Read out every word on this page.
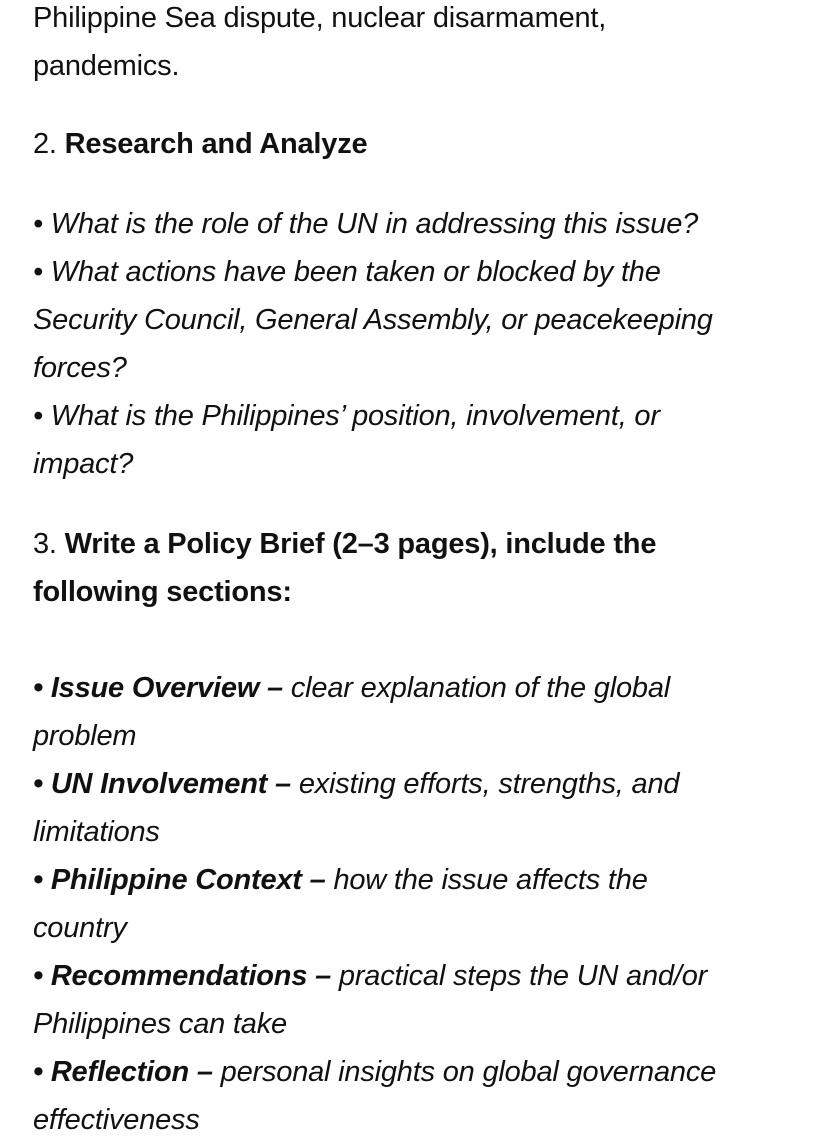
Philippine Sea dispute, nuclear disarmament,
pandemics.
2. Research and Analyze
• What is the role of the UN in addressing this issue?
• What actions have been taken or blocked by the
Security Council, General Assembly, or peacekeeping
forces?
• What is the Philippines’ position, involvement, or
impact?
3. Write a Policy Brief (2–3 pages), include the
following sections:
• Issue Overview – clear explanation of the global
problem
• UN Involvement – existing efforts, strengths, and
limitations
• Philippine Context – how the issue affects the
country
• Recommendations – practical steps the UN and/or
Philippines can take
• Reflection – personal insights on global governance
effectiveness
